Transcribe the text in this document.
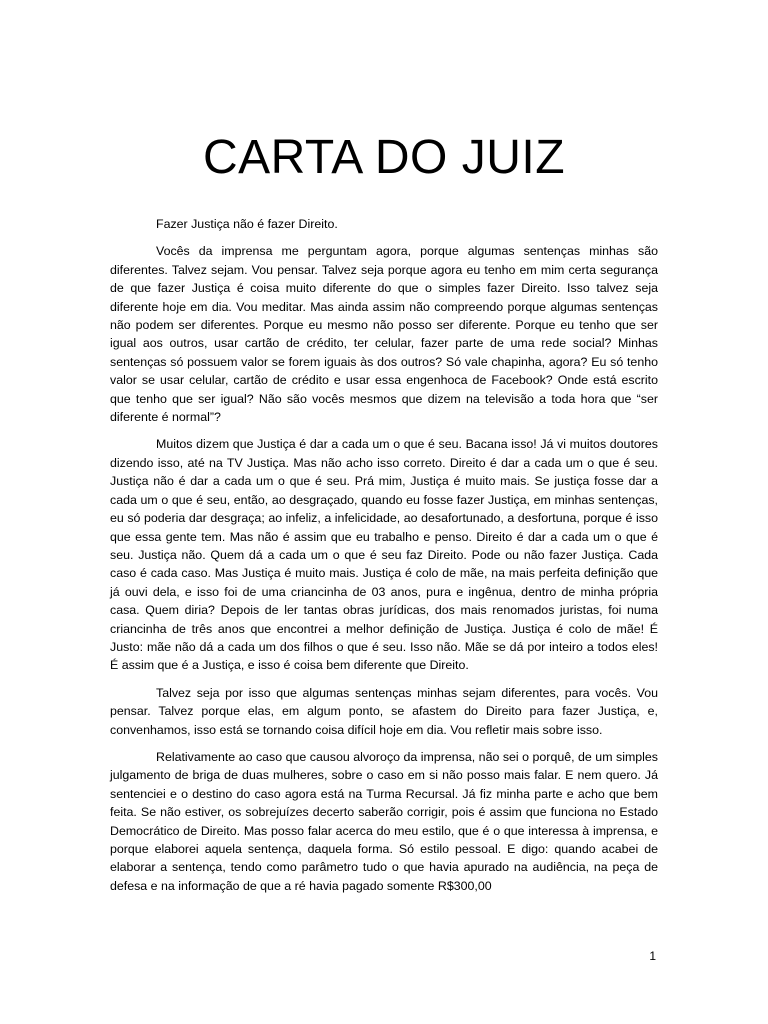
CARTA DO JUIZ

Fazer Justiça não é fazer Direito.

Vocês da imprensa me perguntam agora, porque algumas sentenças minhas são diferentes. Talvez sejam. Vou pensar. Talvez seja porque agora eu tenho em mim certa segurança de que fazer Justiça é coisa muito diferente do que o simples fazer Direito. Isso talvez seja diferente hoje em dia. Vou meditar. Mas ainda assim não compreendo porque algumas sentenças não podem ser diferentes. Porque eu mesmo não posso ser diferente. Porque eu tenho que ser igual aos outros, usar cartão de crédito, ter celular, fazer parte de uma rede social? Minhas sentenças só possuem valor se forem iguais às dos outros? Só vale chapinha, agora? Eu só tenho valor se usar celular, cartão de crédito e usar essa engenhoca de Facebook? Onde está escrito que tenho que ser igual? Não são vocês mesmos que dizem na televisão a toda hora que “ser diferente é normal”?

Muitos dizem que Justiça é dar a cada um o que é seu. Bacana isso! Já vi muitos doutores dizendo isso, até na TV Justiça. Mas não acho isso correto. Direito é dar a cada um o que é seu. Justiça não é dar a cada um o que é seu. Prá mim, Justiça é muito mais. Se justiça fosse dar a cada um o que é seu, então, ao desgraçado, quando eu fosse fazer Justiça, em minhas sentenças, eu só poderia dar desgraça; ao infeliz, a infelicidade, ao desafortunado, a desfortuna, porque é isso que essa gente tem. Mas não é assim que eu trabalho e penso. Direito é dar a cada um o que é seu. Justiça não. Quem dá a cada um o que é seu faz Direito. Pode ou não fazer Justiça. Cada caso é cada caso. Mas Justiça é muito mais. Justiça é colo de mãe, na mais perfeita definição que já ouvi dela, e isso foi de uma criancinha de 03 anos, pura e ingênua, dentro de minha própria casa. Quem diria? Depois de ler tantas obras jurídicas, dos mais renomados juristas, foi numa criancinha de três anos que encontrei a melhor definição de Justiça. Justiça é colo de mãe! É Justo: mãe não dá a cada um dos filhos o que é seu. Isso não. Mãe se dá por inteiro a todos eles! É assim que é a Justiça, e isso é coisa bem diferente que Direito.

Talvez seja por isso que algumas sentenças minhas sejam diferentes, para vocês. Vou pensar. Talvez porque elas, em algum ponto, se afastem do Direito para fazer Justiça, e, convenhamos, isso está se tornando coisa difícil hoje em dia. Vou refletir mais sobre isso.

Relativamente ao caso que causou alvoroço da imprensa, não sei o porquê, de um simples julgamento de briga de duas mulheres, sobre o caso em si não posso mais falar. E nem quero. Já sentenciei e o destino do caso agora está na Turma Recursal. Já fiz minha parte e acho que bem feita. Se não estiver, os sobrejuízes decerto saberão corrigir, pois é assim que funciona no Estado Democrático de Direito. Mas posso falar acerca do meu estilo, que é o que interessa à imprensa, e porque elaborei aquela sentença, daquela forma. Só estilo pessoal. E digo: quando acabei de elaborar a sentença, tendo como parâmetro tudo o que havia apurado na audiência, na peça de defesa e na informação de que a ré havia pagado somente R$300,00

1
